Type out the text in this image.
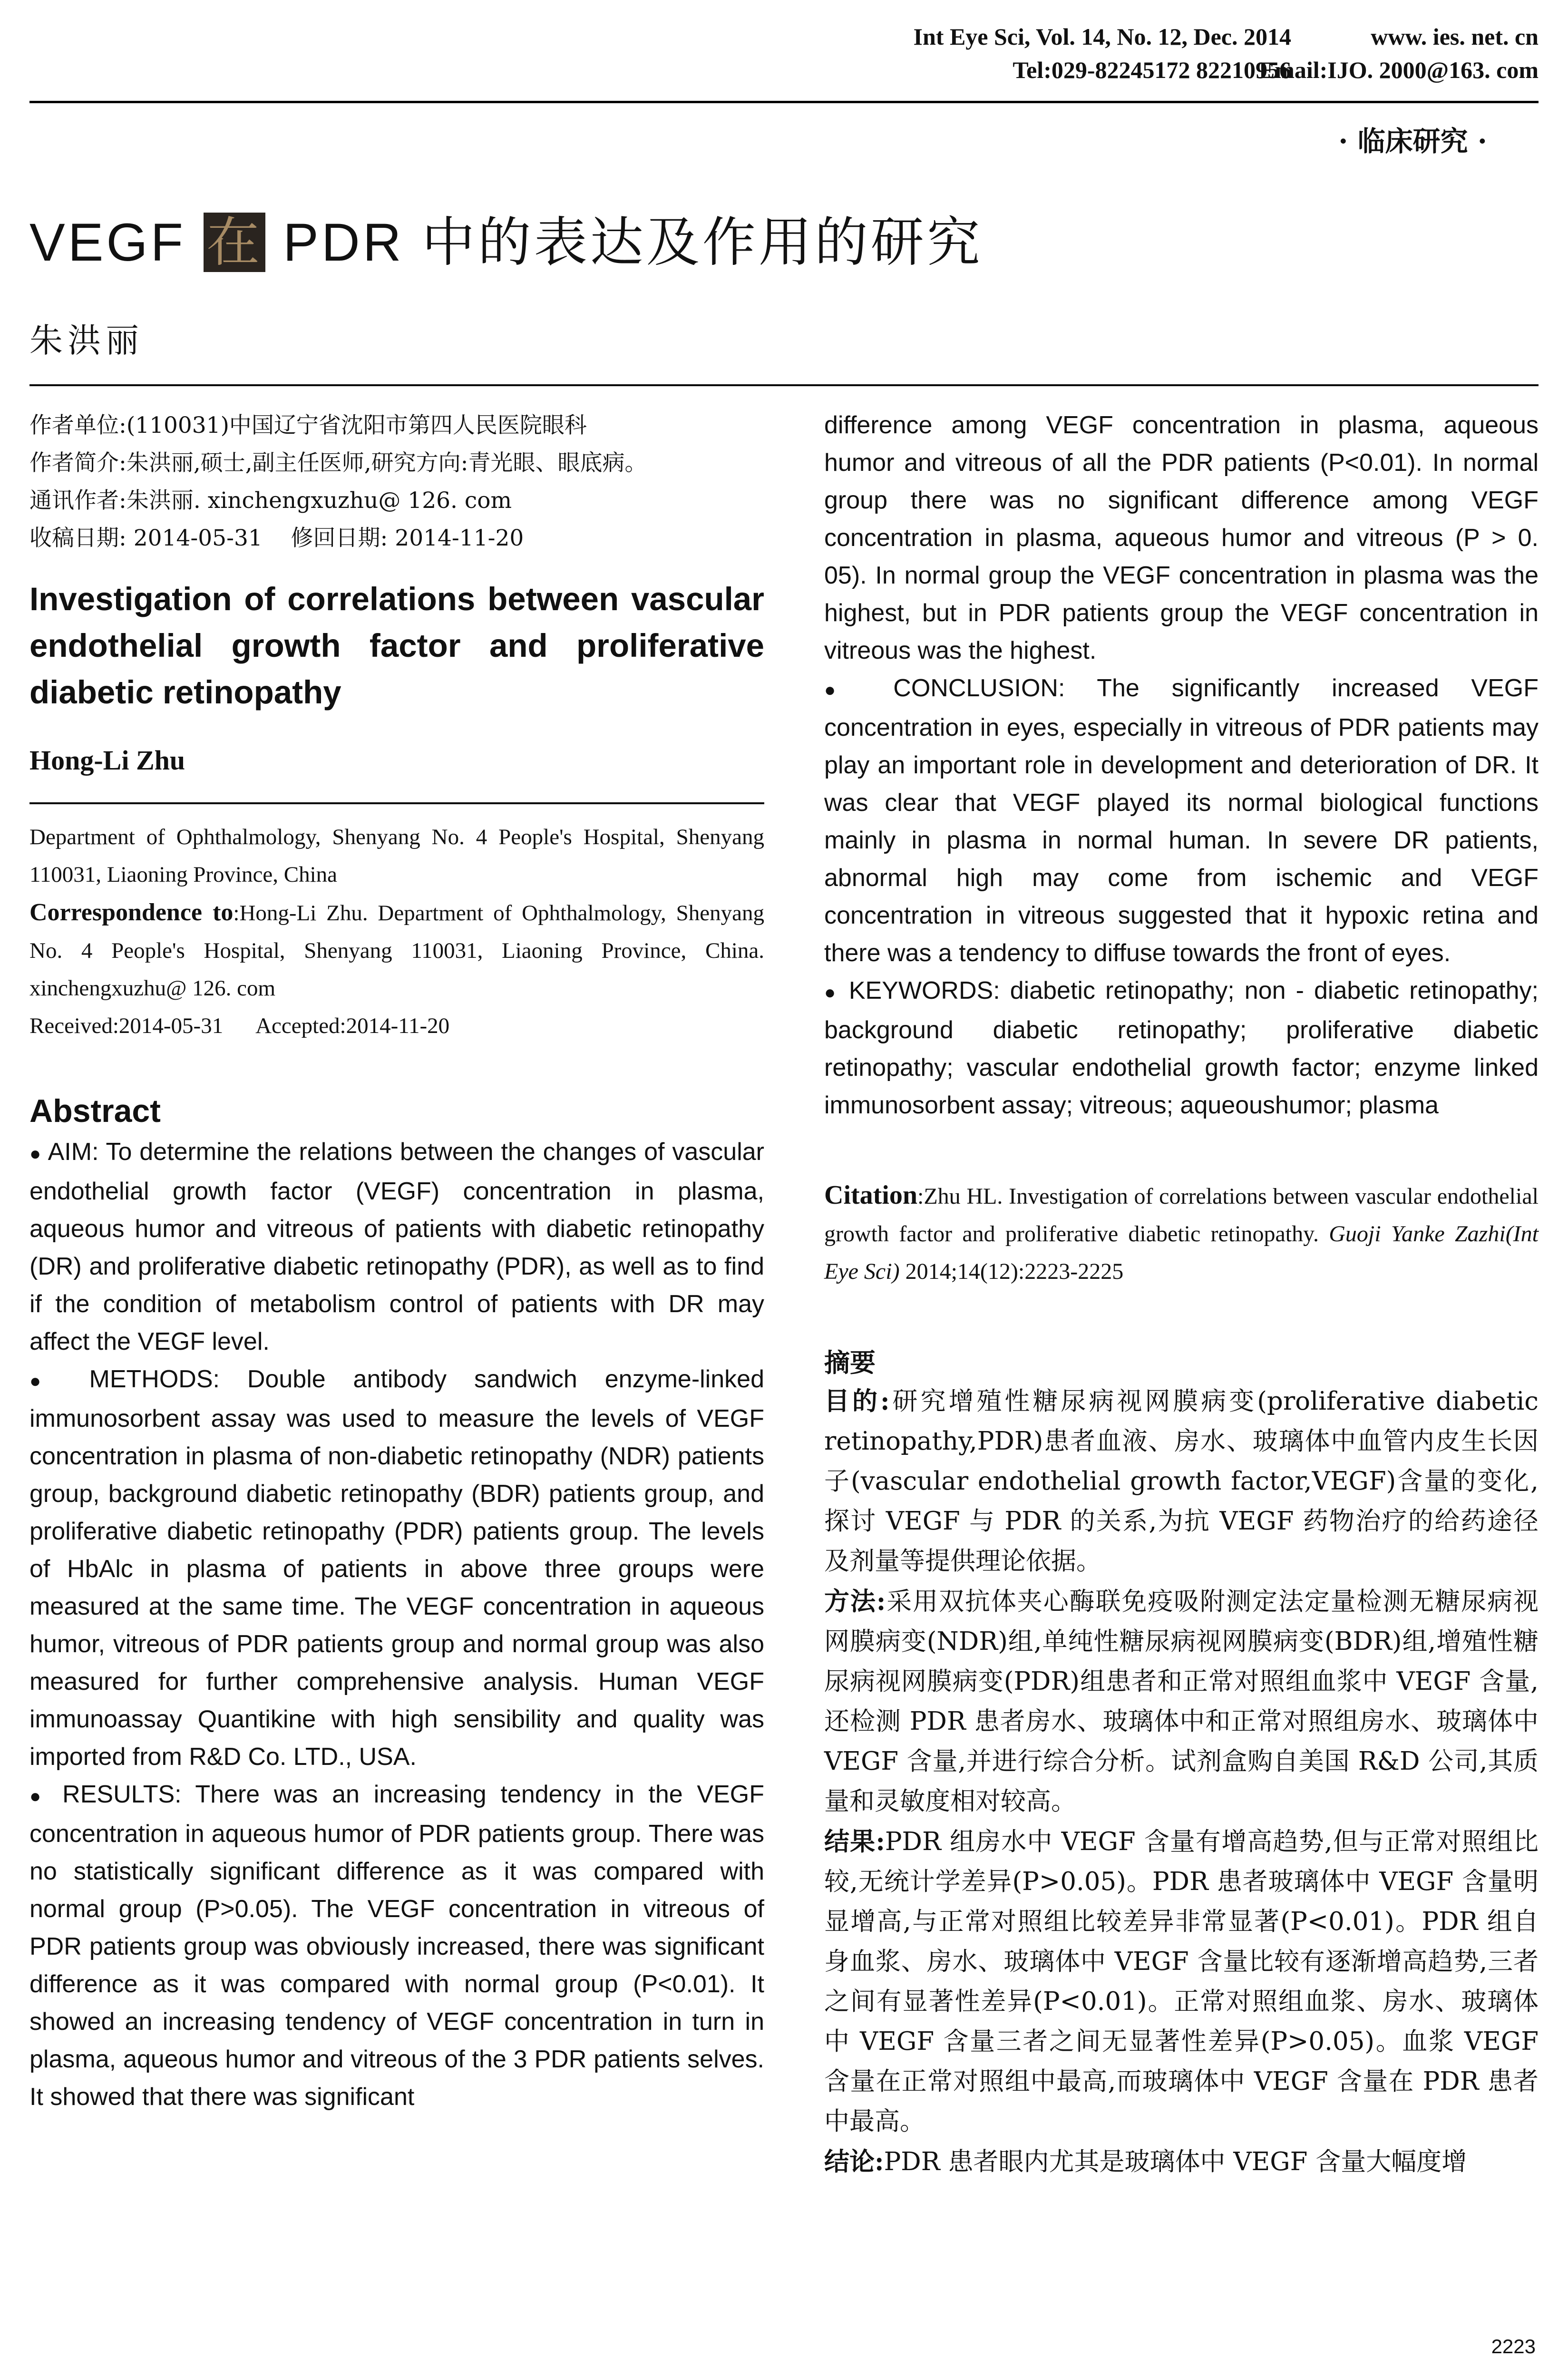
Int Eye Sci, Vol. 14, No. 12, Dec. 2014	www. ies. net. cn
Tel:029-82245172 82210956
Email:IJO. 2000@163. com
· 临床研究 ·
VEGF 在 PDR 中的表达及作用的研究
朱洪丽
作者单位:(110031)中国辽宁省沈阳市第四人民医院眼科
作者简介:朱洪丽,硕士,副主任医师,研究方向:青光眼、眼底病。
通讯作者:朱洪丽. xinchengxuzhu@ 126. com
收稿日期: 2014-05-31    修回日期: 2014-11-20
Investigation of correlations between vascular endothelial growth factor and proliferative diabetic retinopathy
Hong-Li Zhu
Department of Ophthalmology, Shenyang No. 4 People's Hospital, Shenyang 110031, Liaoning Province, China
Correspondence to:Hong-Li Zhu. Department of Ophthalmology, Shenyang No. 4 People's Hospital, Shenyang 110031, Liaoning Province, China. xinchengxuzhu@ 126. com
Received:2014-05-31      Accepted:2014-11-20
Abstract

● AIM: To determine the relations between the changes of vascular endothelial growth factor (VEGF) concentration in plasma, aqueous humor and vitreous of patients with diabetic retinopathy (DR) and proliferative diabetic retinopathy (PDR), as well as to find if the condition of metabolism control of patients with DR may affect the VEGF level.

● METHODS: Double antibody sandwich enzyme-linked immunosorbent assay was used to measure the levels of VEGF concentration in plasma of non-diabetic retinopathy (NDR) patients group, background diabetic retinopathy (BDR) patients group, and proliferative diabetic retinopathy (PDR) patients group. The levels of HbAlc in plasma of patients in above three groups were measured at the same time. The VEGF concentration in aqueous humor, vitreous of PDR patients group and normal group was also measured for further comprehensive analysis. Human VEGF immunoassay Quantikine with high sensibility and quality was imported from R&D Co. LTD., USA.

● RESULTS: There was an increasing tendency in the VEGF concentration in aqueous humor of PDR patients group. There was no statistically significant difference as it was compared with normal group (P>0.05). The VEGF concentration in vitreous of PDR patients group was obviously increased, there was significant difference as it was compared with normal group (P<0.01). It showed an increasing tendency of VEGF concentration in turn in plasma, aqueous humor and vitreous of the 3 PDR patients selves. It showed that there was significant

difference among VEGF concentration in plasma, aqueous humor and vitreous of all the PDR patients (P<0.01). In normal group there was no significant difference among VEGF concentration in plasma, aqueous humor and vitreous (P > 0. 05). In normal group the VEGF concentration in plasma was the highest, but in PDR patients group the VEGF concentration in vitreous was the highest.

● CONCLUSION: The significantly increased VEGF concentration in eyes, especially in vitreous of PDR patients may play an important role in development and deterioration of DR. It was clear that VEGF played its normal biological functions mainly in plasma in normal human. In severe DR patients, abnormal high may come from ischemic and VEGF concentration in vitreous suggested that it hypoxic retina and there was a tendency to diffuse towards the front of eyes.

● KEYWORDS: diabetic retinopathy; non - diabetic retinopathy; background diabetic retinopathy; proliferative diabetic retinopathy; vascular endothelial growth factor; enzyme linked immunosorbent assay; vitreous; aqueoushumor; plasma

Citation:Zhu HL. Investigation of correlations between vascular endothelial growth factor and proliferative diabetic retinopathy. Guoji Yanke Zazhi(Int Eye Sci) 2014;14(12):2223-2225
摘要

目的:研究增殖性糖尿病视网膜病变(proliferative diabetic retinopathy,PDR)患者血液、房水、玻璃体中血管内皮生长因子(vascular endothelial growth factor,VEGF)含量的变化,探讨 VEGF 与 PDR 的关系,为抗 VEGF 药物治疗的给药途径及剂量等提供理论依据。

方法:采用双抗体夹心酶联免疫吸附测定法定量检测无糖尿病视网膜病变(NDR)组,单纯性糖尿病视网膜病变(BDR)组,增殖性糖尿病视网膜病变(PDR)组患者和正常对照组血浆中 VEGF 含量,还检测 PDR 患者房水、玻璃体中和正常对照组房水、玻璃体中 VEGF 含量,并进行综合分析。试剂盒购自美国 R&D 公司,其质量和灵敏度相对较高。

结果:PDR 组房水中 VEGF 含量有增高趋势,但与正常对照组比较,无统计学差异(P>0.05)。PDR 患者玻璃体中 VEGF 含量明显增高,与正常对照组比较差异非常显著(P<0.01)。PDR 组自身血浆、房水、玻璃体中 VEGF 含量比较有逐渐增高趋势,三者之间有显著性差异(P<0.01)。正常对照组血浆、房水、玻璃体中 VEGF 含量三者之间无显著性差异(P>0.05)。血浆 VEGF 含量在正常对照组中最高,而玻璃体中 VEGF 含量在 PDR 患者中最高。

结论:PDR 患者眼内尤其是玻璃体中 VEGF 含量大幅度增

2223
